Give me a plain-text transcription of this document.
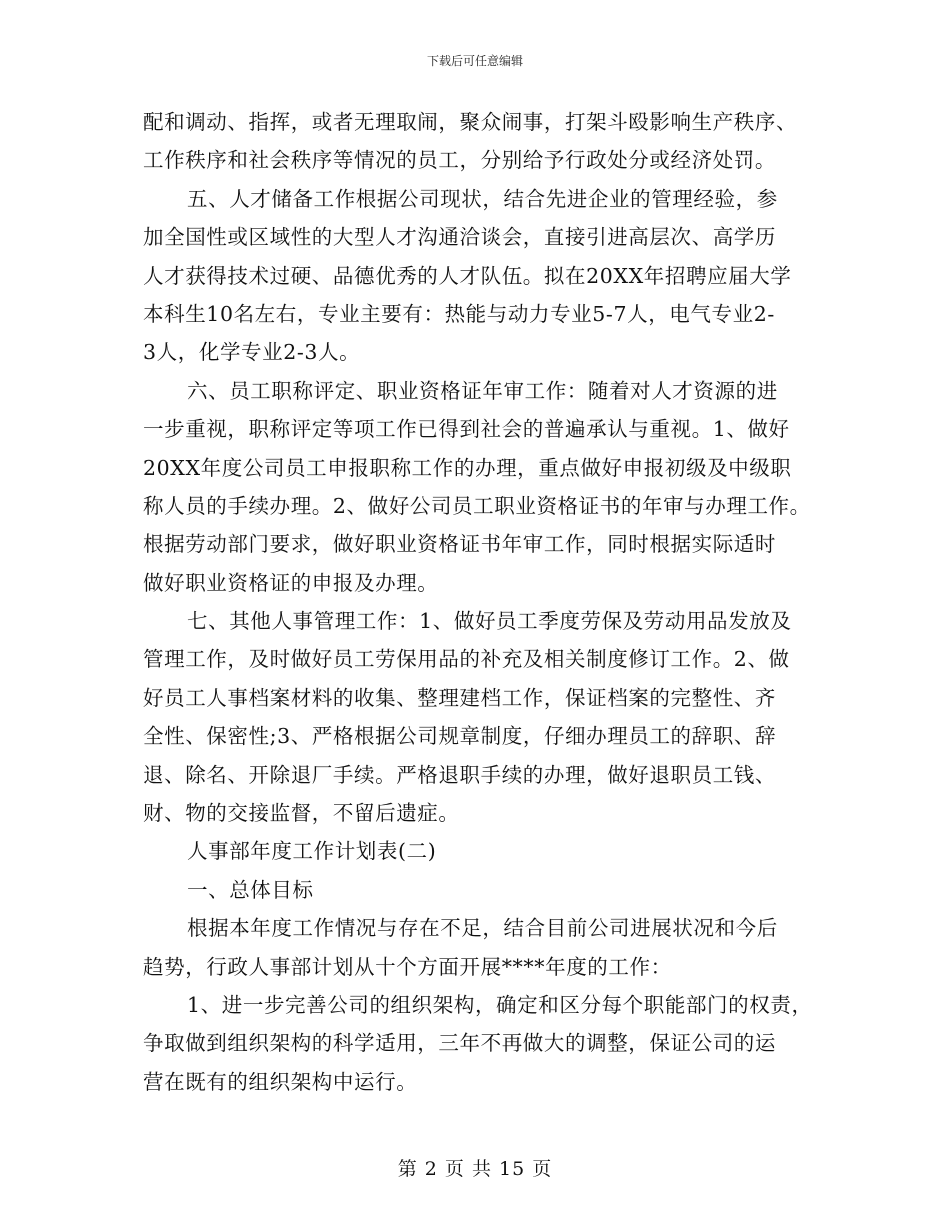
下载后可任意编辑
配和调动、指挥，或者无理取闹，聚众闹事，打架斗殴影响生产秩序、
工作秩序和社会秩序等情况的员工，分别给予行政处分或经济处罚。
五、人才储备工作根据公司现状，结合先进企业的管理经验，参
加全国性或区域性的大型人才沟通洽谈会，直接引进高层次、高学历
人才获得技术过硬、品德优秀的人才队伍。拟在20XX年招聘应届大学
本科生10名左右，专业主要有：热能与动力专业5-7人，电气专业2-
3人，化学专业2-3人。
六、员工职称评定、职业资格证年审工作：随着对人才资源的进
一步重视，职称评定等项工作已得到社会的普遍承认与重视。1、做好
20XX年度公司员工申报职称工作的办理，重点做好申报初级及中级职
称人员的手续办理。2、做好公司员工职业资格证书的年审与办理工作。
根据劳动部门要求，做好职业资格证书年审工作，同时根据实际适时
做好职业资格证的申报及办理。
七、其他人事管理工作：1、做好员工季度劳保及劳动用品发放及
管理工作，及时做好员工劳保用品的补充及相关制度修订工作。2、做
好员工人事档案材料的收集、整理建档工作，保证档案的完整性、齐
全性、保密性;3、严格根据公司规章制度，仔细办理员工的辞职、辞
退、除名、开除退厂手续。严格退职手续的办理，做好退职员工钱、
财、物的交接监督，不留后遗症。
人事部年度工作计划表(二)
一、总体目标
根据本年度工作情况与存在不足，结合目前公司进展状况和今后
趋势，行政人事部计划从十个方面开展****年度的工作：
1、进一步完善公司的组织架构，确定和区分每个职能部门的权责，
争取做到组织架构的科学适用，三年不再做大的调整，保证公司的运
营在既有的组织架构中运行。
第 2 页 共 15 页
